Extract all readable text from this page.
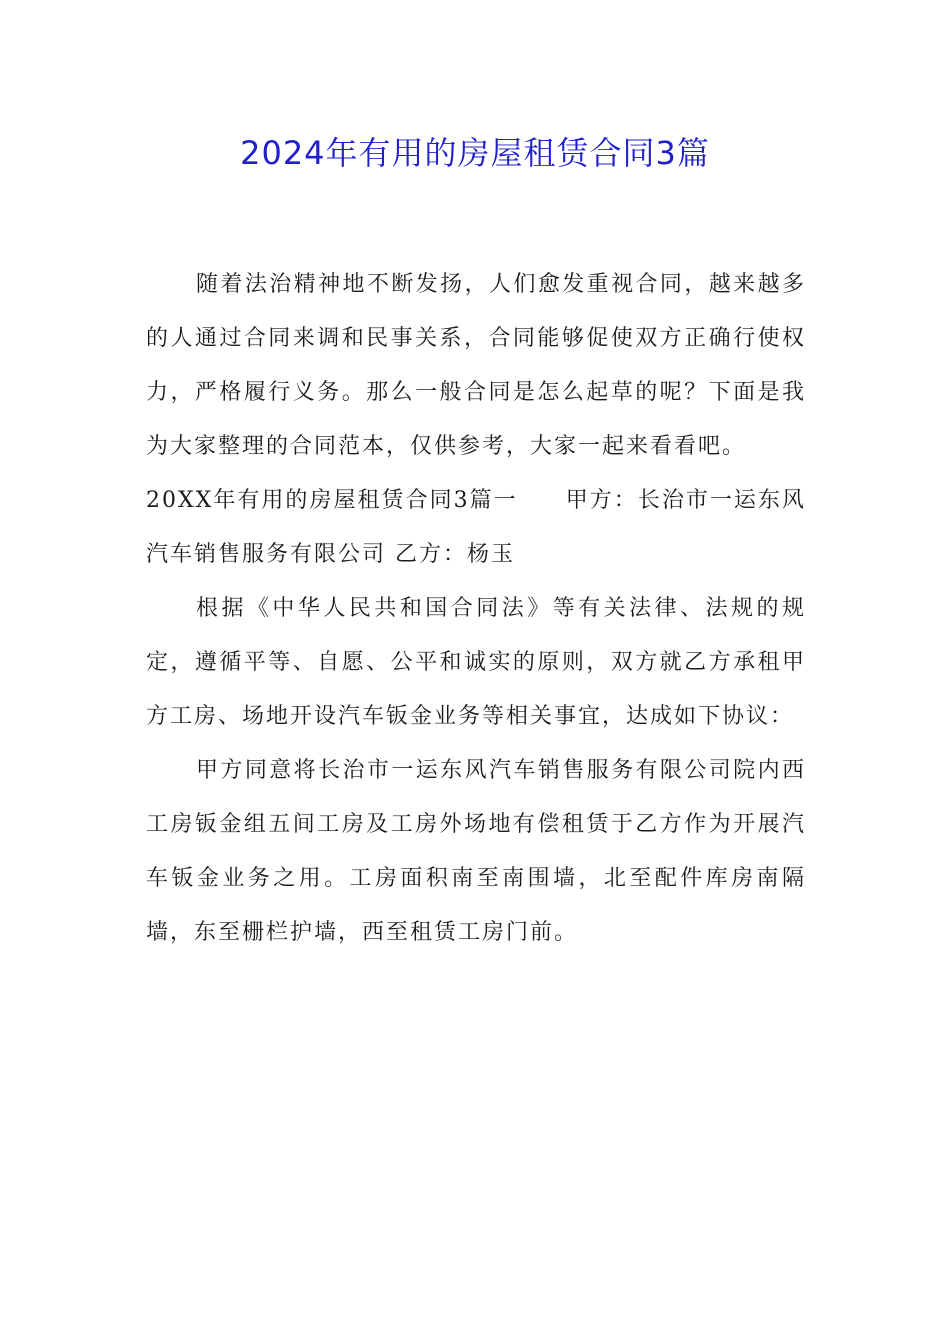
2024年有用的房屋租赁合同3篇

随着法治精神地不断发扬，人们愈发重视合同，越来越多的人通过合同来调和民事关系，合同能够促使双方正确行使权力，严格履行义务。那么一般合同是怎么起草的呢？下面是我为大家整理的合同范本，仅供参考，大家一起来看看吧。

20XX年有用的房屋租赁合同3篇一 甲方：长治市一运东风汽车销售服务有限公司 乙方：杨玉

根据《中华人民共和国合同法》等有关法律、法规的规定，遵循平等、自愿、公平和诚实的原则，双方就乙方承租甲方工房、场地开设汽车钣金业务等相关事宜，达成如下协议：

甲方同意将长治市一运东风汽车销售服务有限公司院内西工房钣金组五间工房及工房外场地有偿租赁于乙方作为开展汽车钣金业务之用。工房面积南至南围墙，北至配件库房南隔墙，东至栅栏护墙，西至租赁工房门前。
